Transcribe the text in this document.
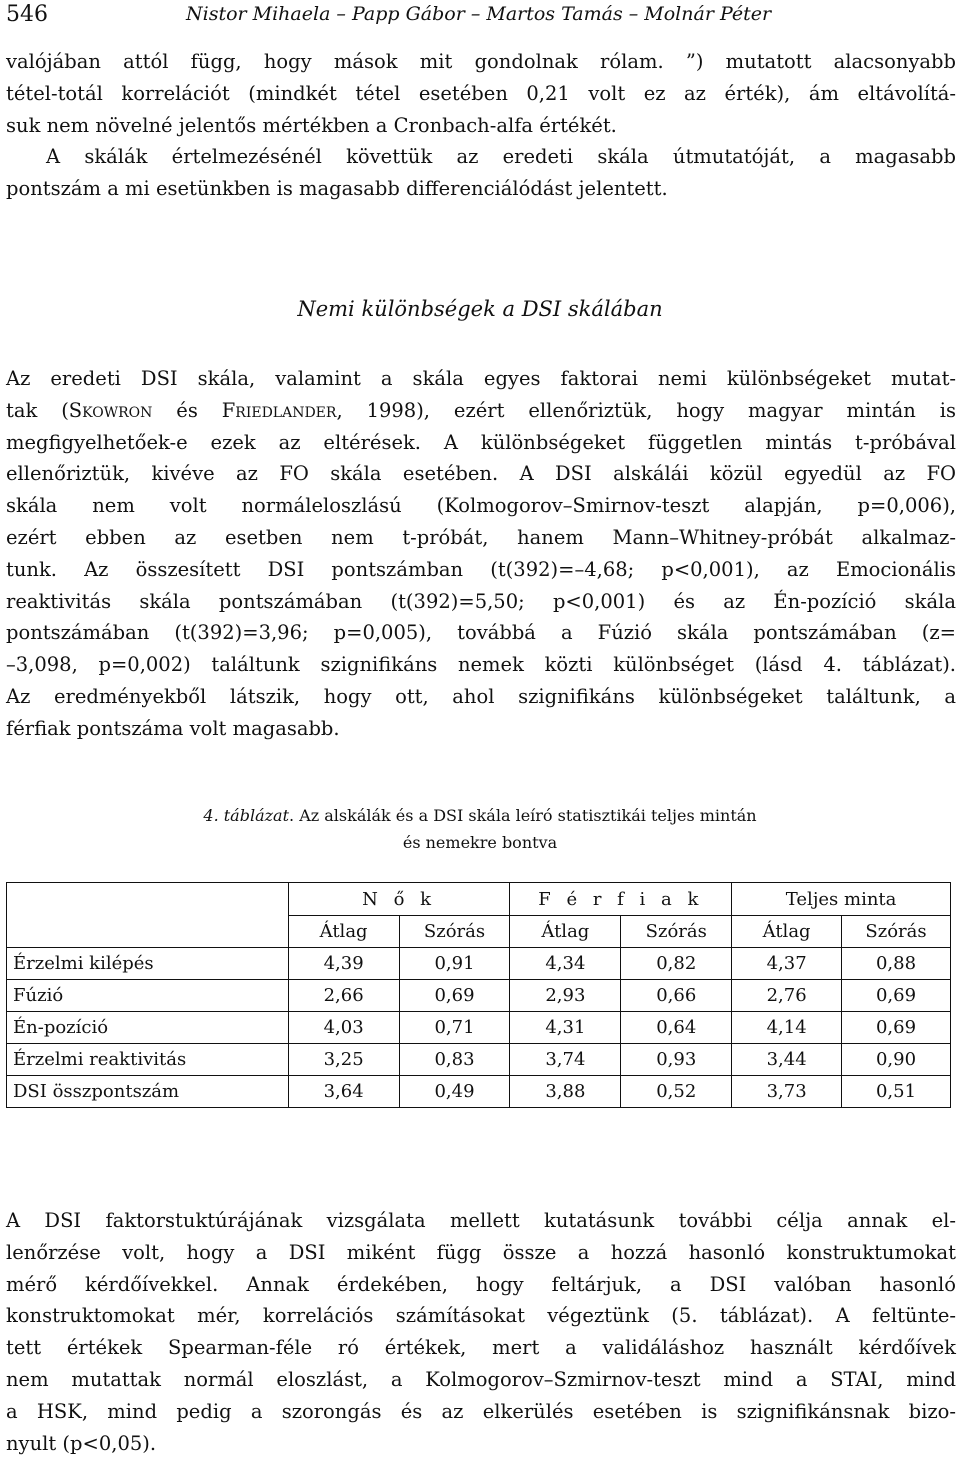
546	Nistor Mihaela – Papp Gábor – Martos Tamás – Molnár Péter
valójában attól függ, hogy mások mit gondolnak rólam. ”) mutatott alacsonyabb
tétel-totál korrelációt (mindkét tétel esetében 0,21 volt ez az érték), ám eltávolítá-
suk nem növelné jelentős mértékben a Cronbach-alfa értékét.
A skálák értelmezésénél követtük az eredeti skála útmutatóját, a magasabb
pontszám a mi esetünkben is magasabb differenciálódást jelentett.
Nemi különbségek a DSI skálában
Az eredeti DSI skála, valamint a skála egyes faktorai nemi különbségeket mutat-
tak (Skowron és Friedlander, 1998), ezért ellenőriztük, hogy magyar mintán is
megfigyelhetőek-e ezek az eltérések. A különbségeket független mintás t-próbával
ellenőriztük, kivéve az FO skála esetében. A DSI alskálái közül egyedül az FO
skála nem volt normáleloszlású (Kolmogorov–Smirnov-teszt alapján, p=0,006),
ezért ebben az esetben nem t-próbát, hanem Mann–Whitney-próbát alkalmaz-
tunk. Az összesített DSI pontszámban (t(392)=–4,68; p<0,001), az Emocionális
reaktivitás skála pontszámában (t(392)=5,50; p<0,001) és az Én-pozíció skála
pontszámában (t(392)=3,96; p=0,005), továbbá a Fúzió skála pontszámában (z=
–3,098, p=0,002) találtunk szignifikáns nemek közti különbséget (lásd 4. táblázat).
Az eredményekből látszik, hogy ott, ahol szignifikáns különbségeket találtunk, a
férfiak pontszáma volt magasabb.
4. táblázat. Az alskálák és a DSI skála leíró statisztikái teljes mintán
és nemekre bontva
	N ő k		F é r f i a k		Teljes minta	
	Átlag	Szórás	Átlag	Szórás	Átlag	Szórás
Érzelmi kilépés	4,39	0,91	4,34	0,82	4,37	0,88
Fúzió	2,66	0,69	2,93	0,66	2,76	0,69
Én-pozíció	4,03	0,71	4,31	0,64	4,14	0,69
Érzelmi reaktivitás	3,25	0,83	3,74	0,93	3,44	0,90
DSI összpontszám	3,64	0,49	3,88	0,52	3,73	0,51
A DSI faktorstuktúrájának vizsgálata mellett kutatásunk további célja annak el-
lenőrzése volt, hogy a DSI miként függ össze a hozzá hasonló konstruktumokat
mérő kérdőívekkel. Annak érdekében, hogy feltárjuk, a DSI valóban hasonló
konstruktomokat mér, korrelációs számításokat végeztünk (5. táblázat). A feltünte-
tett értékek Spearman-féle ró értékek, mert a validáláshoz használt kérdőívek
nem mutattak normál eloszlást, a Kolmogorov–Szmirnov-teszt mind a STAI, mind
a HSK, mind pedig a szorongás és az elkerülés esetében is szignifikánsnak bizo-
nyult (p<0,05).
